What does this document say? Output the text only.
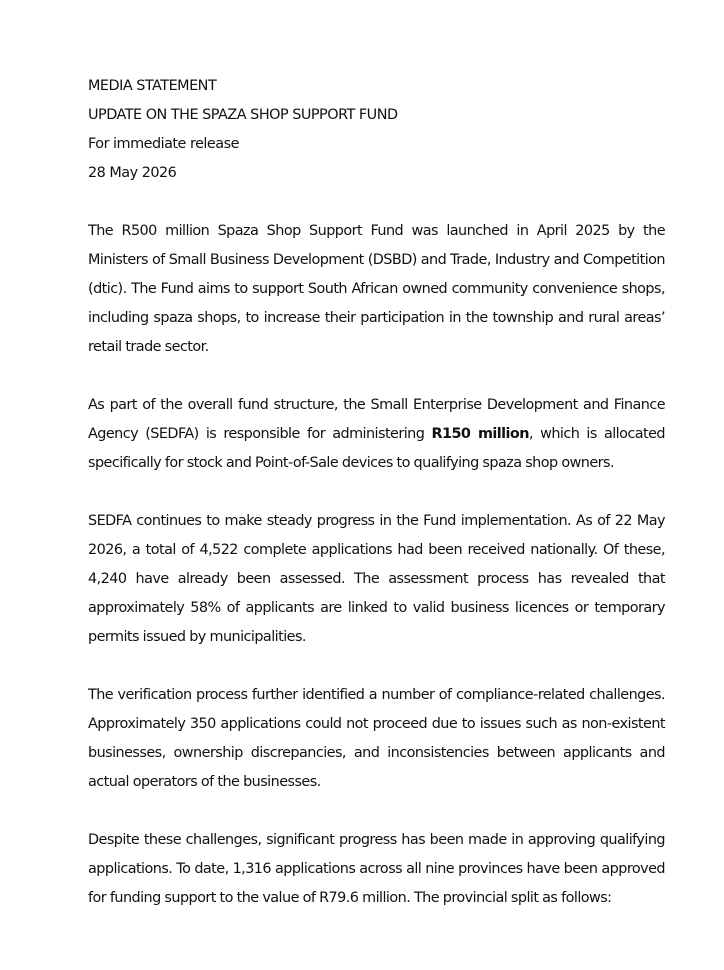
MEDIA STATEMENT
UPDATE ON THE SPAZA SHOP SUPPORT FUND
For immediate release
28 May 2026

The R500 million Spaza Shop Support Fund was launched in April 2025 by the Ministers of Small Business Development (DSBD) and Trade, Industry and Competition (dtic). The Fund aims to support South African owned community convenience shops, including spaza shops, to increase their participation in the township and rural areas’ retail trade sector.

As part of the overall fund structure, the Small Enterprise Development and Finance Agency (SEDFA) is responsible for administering R150 million, which is allocated specifically for stock and Point-of-Sale devices to qualifying spaza shop owners.

SEDFA continues to make steady progress in the Fund implementation. As of 22 May 2026, a total of 4,522 complete applications had been received nationally. Of these, 4,240 have already been assessed. The assessment process has revealed that approximately 58% of applicants are linked to valid business licences or temporary permits issued by municipalities.

The verification process further identified a number of compliance-related challenges. Approximately 350 applications could not proceed due to issues such as non-existent businesses, ownership discrepancies, and inconsistencies between applicants and actual operators of the businesses.

Despite these challenges, significant progress has been made in approving qualifying applications. To date, 1,316 applications across all nine provinces have been approved for funding support to the value of R79.6 million. The provincial split as follows:
